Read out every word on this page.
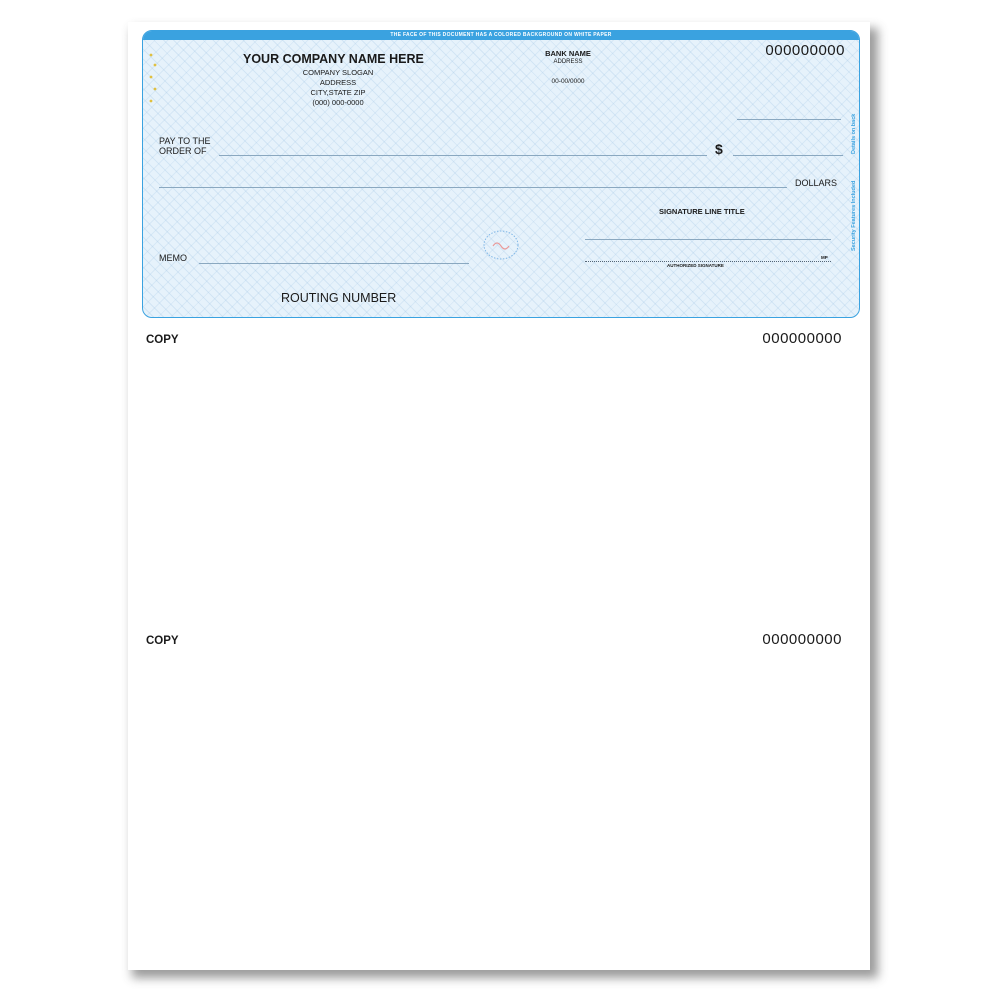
THE FACE OF THIS DOCUMENT HAS A COLORED BACKGROUND ON WHITE PAPER
YOUR COMPANY NAME HERE
COMPANY SLOGAN
ADDRESS
CITY,STATE ZIP
(000) 000-0000
BANK NAME
ADDRESS
00-00/0000
000000000
PAY TO THE
ORDER OF	$
DOLLARS
SIGNATURE LINE TITLE
AUTHORIZED SIGNATURE
MP
MEMO
Details on back
Security Features Included
ROUTING NUMBER
COPY	000000000
COPY	000000000
